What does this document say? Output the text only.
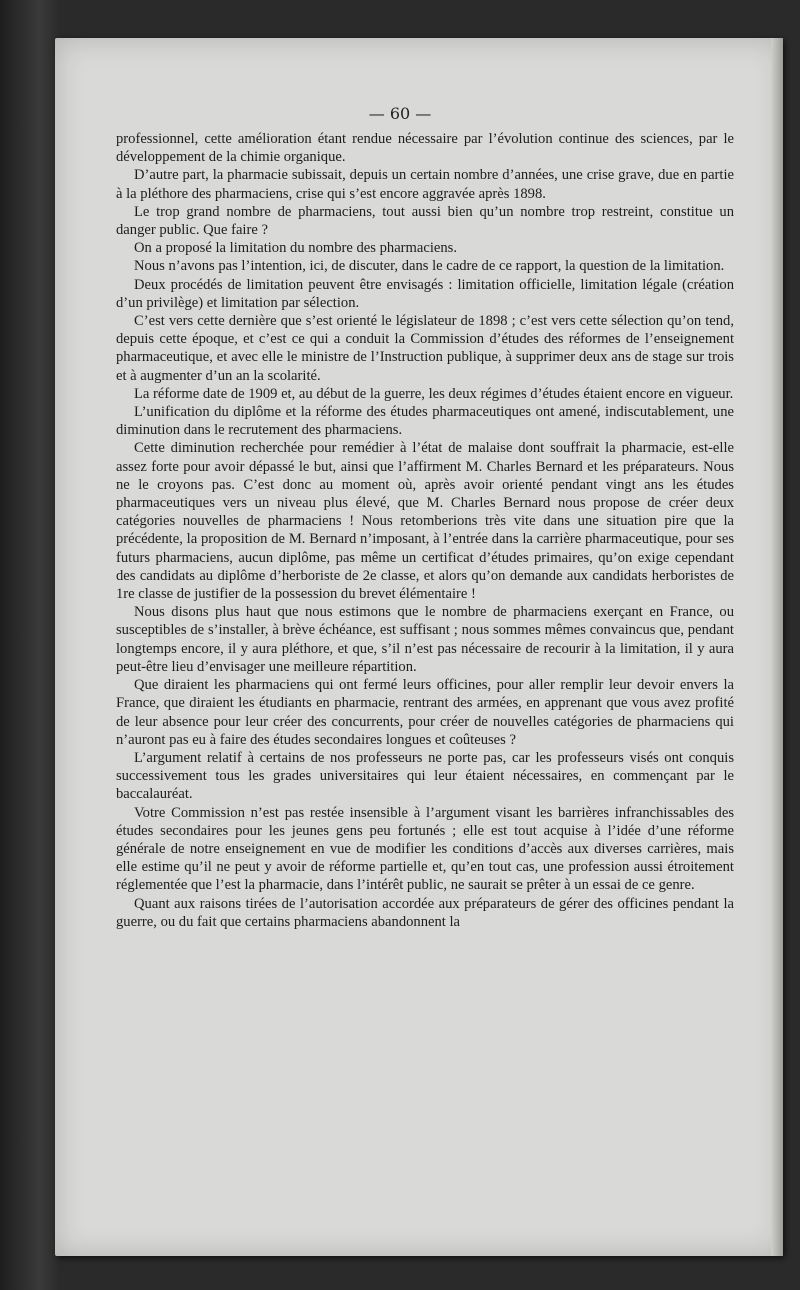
— 60 —

professionnel, cette amélioration étant rendue nécessaire par l’évolution continue des sciences, par le développement de la chimie organique.

D’autre part, la pharmacie subissait, depuis un certain nombre d’années, une crise grave, due en partie à la pléthore des pharmaciens, crise qui s’est encore aggravée après 1898.

Le trop grand nombre de pharmaciens, tout aussi bien qu’un nombre trop restreint, constitue un danger public. Que faire ?

On a proposé la limitation du nombre des pharmaciens.

Nous n’avons pas l’intention, ici, de discuter, dans le cadre de ce rapport, la question de la limitation.

Deux procédés de limitation peuvent être envisagés : limitation officielle, limitation légale (création d’un privilège) et limitation par sélection.

C’est vers cette dernière que s’est orienté le législateur de 1898 ; c’est vers cette sélection qu’on tend, depuis cette époque, et c’est ce qui a conduit la Commission d’études des réformes de l’enseignement pharmaceutique, et avec elle le ministre de l’Instruction publique, à supprimer deux ans de stage sur trois et à augmenter d’un an la scolarité.

La réforme date de 1909 et, au début de la guerre, les deux régimes d’études étaient encore en vigueur.

L’unification du diplôme et la réforme des études pharmaceutiques ont amené, indiscutablement, une diminution dans le recrutement des pharmaciens.

Cette diminution recherchée pour remédier à l’état de malaise dont souffrait la pharmacie, est-elle assez forte pour avoir dépassé le but, ainsi que l’affirment M. Charles Bernard et les préparateurs. Nous ne le croyons pas. C’est donc au moment où, après avoir orienté pendant vingt ans les études pharmaceutiques vers un niveau plus élevé, que M. Charles Bernard nous propose de créer deux catégories nouvelles de pharmaciens ! Nous retomberions très vite dans une situation pire que la précédente, la proposition de M. Bernard n’imposant, à l’entrée dans la carrière pharmaceutique, pour ses futurs pharmaciens, aucun diplôme, pas même un certificat d’études primaires, qu’on exige cependant des candidats au diplôme d’herboriste de 2e classe, et alors qu’on demande aux candidats herboristes de 1re classe de justifier de la possession du brevet élémentaire !

Nous disons plus haut que nous estimons que le nombre de pharmaciens exerçant en France, ou susceptibles de s’installer, à brève échéance, est suffisant ; nous sommes mêmes convaincus que, pendant longtemps encore, il y aura pléthore, et que, s’il n’est pas nécessaire de recourir à la limitation, il y aura peut-être lieu d’envisager une meilleure répartition.

Que diraient les pharmaciens qui ont fermé leurs officines, pour aller remplir leur devoir envers la France, que diraient les étudiants en pharmacie, rentrant des armées, en apprenant que vous avez profité de leur absence pour leur créer des concurrents, pour créer de nouvelles catégories de pharmaciens qui n’auront pas eu à faire des études secondaires longues et coûteuses ?

L’argument relatif à certains de nos professeurs ne porte pas, car les professeurs visés ont conquis successivement tous les grades universitaires qui leur étaient nécessaires, en commençant par le baccalauréat.

Votre Commission n’est pas restée insensible à l’argument visant les barrières infranchissables des études secondaires pour les jeunes gens peu fortunés ; elle est tout acquise à l’idée d’une réforme générale de notre enseignement en vue de modifier les conditions d’accès aux diverses carrières, mais elle estime qu’il ne peut y avoir de réforme partielle et, qu’en tout cas, une profession aussi étroitement réglementée que l’est la pharmacie, dans l’intérêt public, ne saurait se prêter à un essai de ce genre.

Quant aux raisons tirées de l’autorisation accordée aux préparateurs de gérer des officines pendant la guerre, ou du fait que certains pharmaciens abandonnent la
